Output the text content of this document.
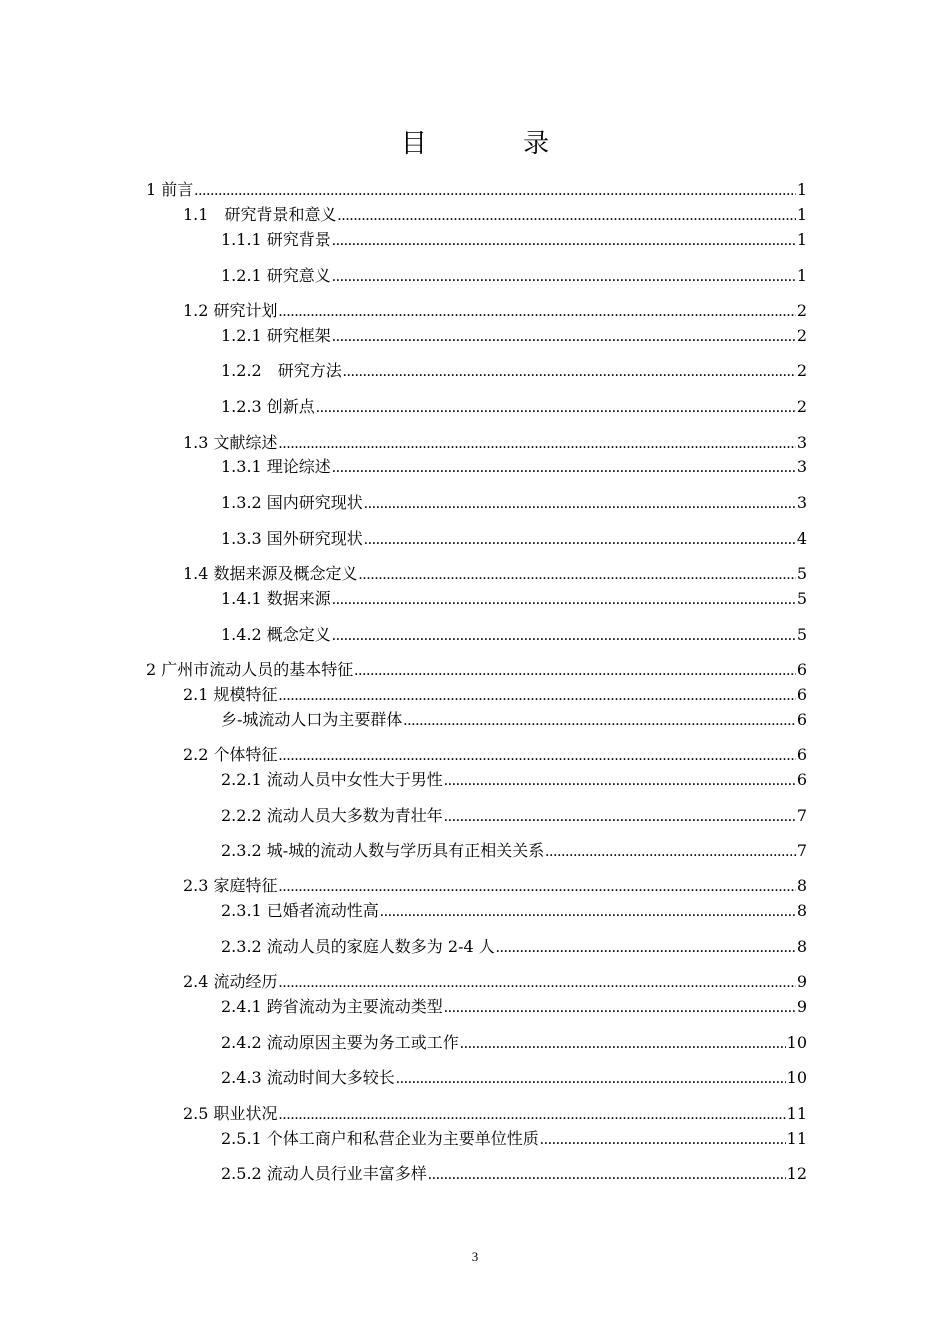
目 录
1 前言 .....	1
1.1　研究背景和意义 .....	1
1.1.1 研究背景 .....	1
1.2.1 研究意义 .....	1
1.2 研究计划 .....	2
1.2.1 研究框架 .....	2
1.2.2　研究方法 .....	2
1.2.3 创新点 .....	2
1.3 文献综述 .....	3
1.3.1 理论综述 .....	3
1.3.2 国内研究现状 .....	3
1.3.3 国外研究现状 .....	4
1.4 数据来源及概念定义 .....	5
1.4.1 数据来源 .....	5
1.4.2 概念定义 .....	5
2 广州市流动人员的基本特征 .....	6
2.1 规模特征 .....	6
乡-城流动人口为主要群体 .....	6
2.2 个体特征 .....	6
2.2.1 流动人员中女性大于男性 .....	6
2.2.2 流动人员大多数为青壮年 .....	7
2.3.2 城-城的流动人数与学历具有正相关关系 .....	7
2.3 家庭特征 .....	8
2.3.1 已婚者流动性高 .....	8
2.3.2 流动人员的家庭人数多为 2-4 人 .....	8
2.4 流动经历 .....	9
2.4.1 跨省流动为主要流动类型 .....	9
2.4.2 流动原因主要为务工或工作 .....	10
2.4.3 流动时间大多较长 .....	10
2.5 职业状况 .....	11
2.5.1 个体工商户和私营企业为主要单位性质 .....	11
2.5.2 流动人员行业丰富多样 .....	12
3
